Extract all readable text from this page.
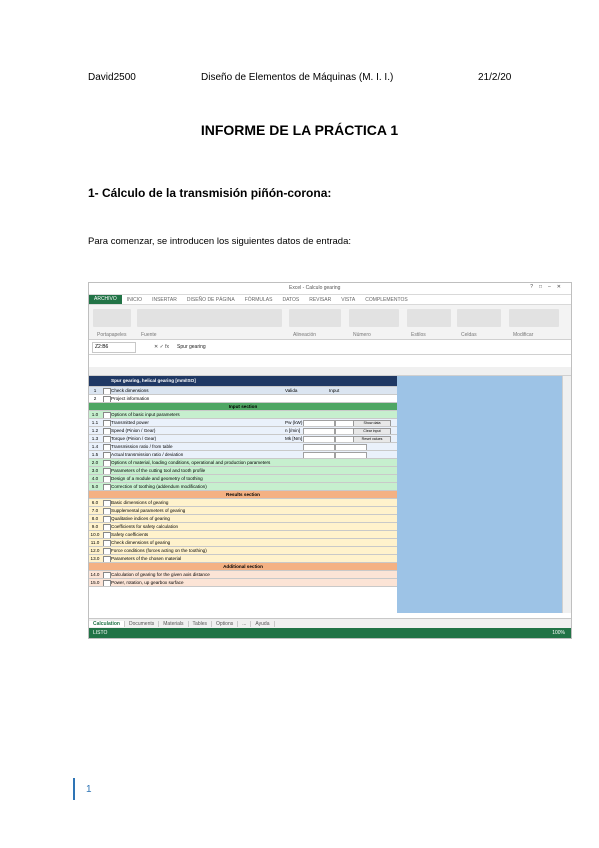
David2500	Diseño de Elementos de Máquinas (M. I. I.)	21/2/20
INFORME DE LA PRÁCTICA 1
1- Cálculo de la transmisión piñón-corona:
Para comenzar, se introducen los siguientes datos de entrada:
Excel - Calculo gearing	?□–✕
ARCHIVO	INICIO	INSERTAR	DISEÑO DE PÁGINA	FÓRMULAS	DATOS	REVISAR	VISTA	COMPLEMENTOS
Portapapeles	Fuente	Alineación	Número	Estilos	Celdas	Modificar
Z2:B6	✕ ✓ fx Spur gearing
Spur gearing, helical gearing [mm/ISO]
1	Check dimensions	Valida	Input
2	Project information
Input section
1.0	Options of basic input parameters
1.1	Transmitted power	Pw (kW)	Show data
1.2	Speed (Pinion / Gear)	n [/min]	Clear input
1.3	Torque (Pinion / Gear)	Mk [Nm]	Reset values
1.4	Transmission ratio / from table
1.5	Actual transmission ratio / deviation
2.0	Options of material, loading conditions, operational and production parameters
3.0	Parameters of the cutting tool and tooth profile
4.0	Design of a module and geometry of toothing
5.0	Correction of toothing (addendum modification)
Results section
6.0	Basic dimensions of gearing
7.0	Supplemental parameters of gearing
8.0	Qualitative indices of gearing
9.0	Coefficients for safety calculation
10.0	Safety coefficients
11.0	Check dimensions of gearing
12.0	Force conditions (forces acting on the toothing)
13.0	Parameters of the chosen material
Additional section
14.0	Calculation of gearing for the given axis distance
15.0	Power, rotation, up gearbox surface
Calculation	Documents	Materials	Tables	Options	...	Ayuda
LISTO	100%
1
